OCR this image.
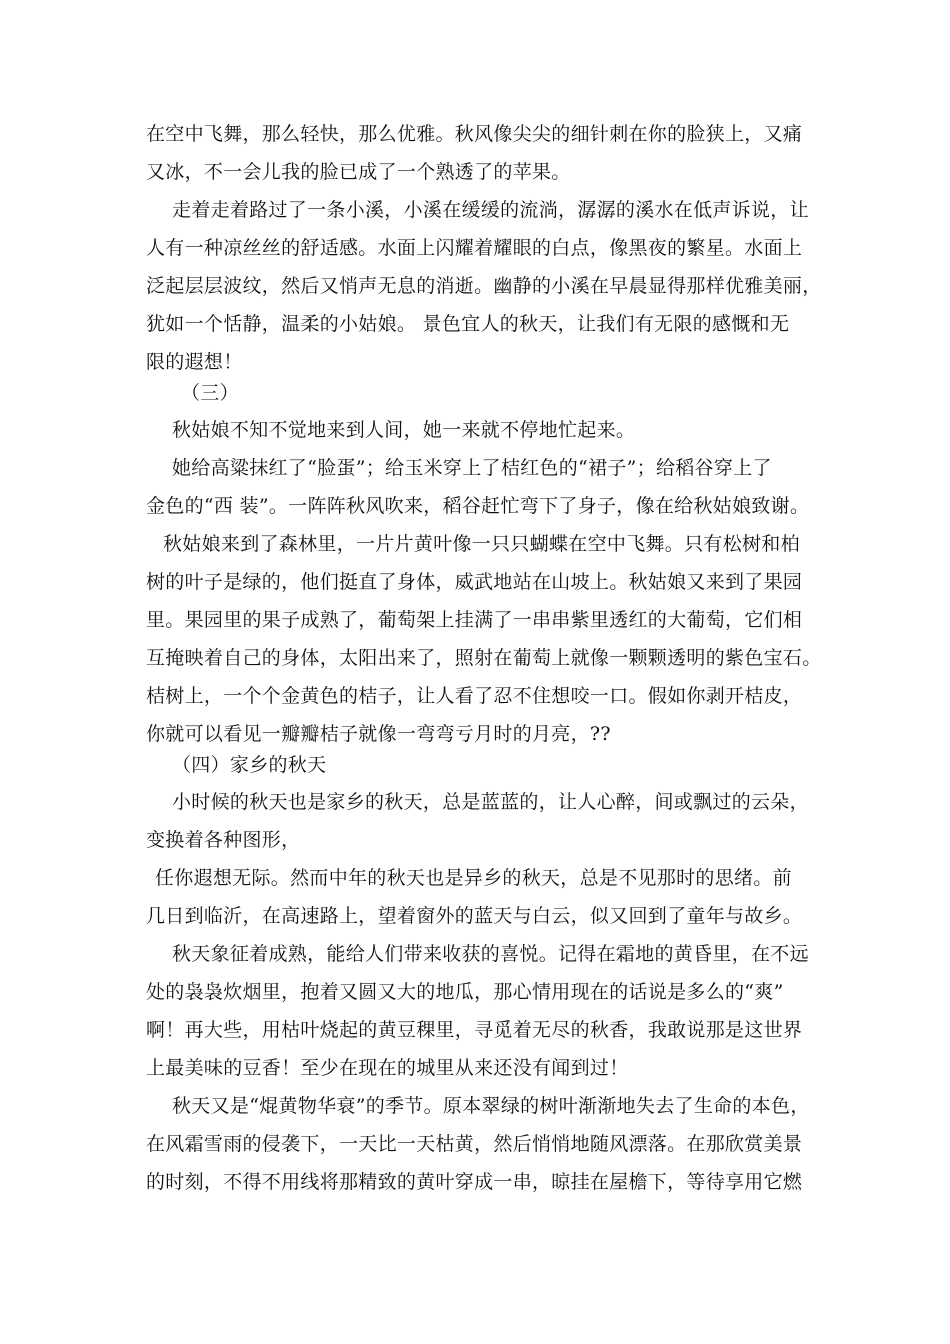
在空中飞舞，那么轻快，那么优雅。秋风像尖尖的细针刺在你的脸狭上，又痛
又冰，不一会儿我的脸已成了一个熟透了的苹果。
走着走着路过了一条小溪，小溪在缓缓的流淌，潺潺的溪水在低声诉说，让
人有一种凉丝丝的舒适感。水面上闪耀着耀眼的白点，像黑夜的繁星。水面上
泛起层层波纹，然后又悄声无息的消逝。幽静的小溪在早晨显得那样优雅美丽，
犹如一个恬静，温柔的小姑娘。 景色宜人的秋天，让我们有无限的感慨和无
限的遐想！
（三）
秋姑娘不知不觉地来到人间，她一来就不停地忙起来。
她给高粱抹红了“脸蛋”；给玉米穿上了桔红色的“裙子”；给稻谷穿上了
金色的“西 装”。一阵阵秋风吹来，稻谷赶忙弯下了身子，像在给秋姑娘致谢。
秋姑娘来到了森林里，一片片黄叶像一只只蝴蝶在空中飞舞。只有松树和柏
树的叶子是绿的，他们挺直了身体，威武地站在山坡上。秋姑娘又来到了果园
里。果园里的果子成熟了，葡萄架上挂满了一串串紫里透红的大葡萄，它们相
互掩映着自己的身体，太阳出来了，照射在葡萄上就像一颗颗透明的紫色宝石。
桔树上，一个个金黄色的桔子，让人看了忍不住想咬一口。假如你剥开桔皮，
你就可以看见一瓣瓣桔子就像一弯弯亏月时的月亮，??
（四）家乡的秋天
小时候的秋天也是家乡的秋天，总是蓝蓝的，让人心醉，间或飘过的云朵，
变换着各种图形，
任你遐想无际。然而中年的秋天也是异乡的秋天，总是不见那时的思绪。前
几日到临沂，在高速路上，望着窗外的蓝天与白云，似又回到了童年与故乡。
秋天象征着成熟，能给人们带来收获的喜悦。记得在霜地的黄昏里，在不远
处的袅袅炊烟里，抱着又圆又大的地瓜，那心情用现在的话说是多么的“爽”
啊！再大些，用枯叶烧起的黄豆稞里，寻觅着无尽的秋香，我敢说那是这世界
上最美味的豆香！至少在现在的城里从来还没有闻到过！
秋天又是“焜黄物华衰”的季节。原本翠绿的树叶渐渐地失去了生命的本色，
在风霜雪雨的侵袭下，一天比一天枯黄，然后悄悄地随风漂落。在那欣赏美景
的时刻，不得不用线将那精致的黄叶穿成一串，晾挂在屋檐下，等待享用它燃
